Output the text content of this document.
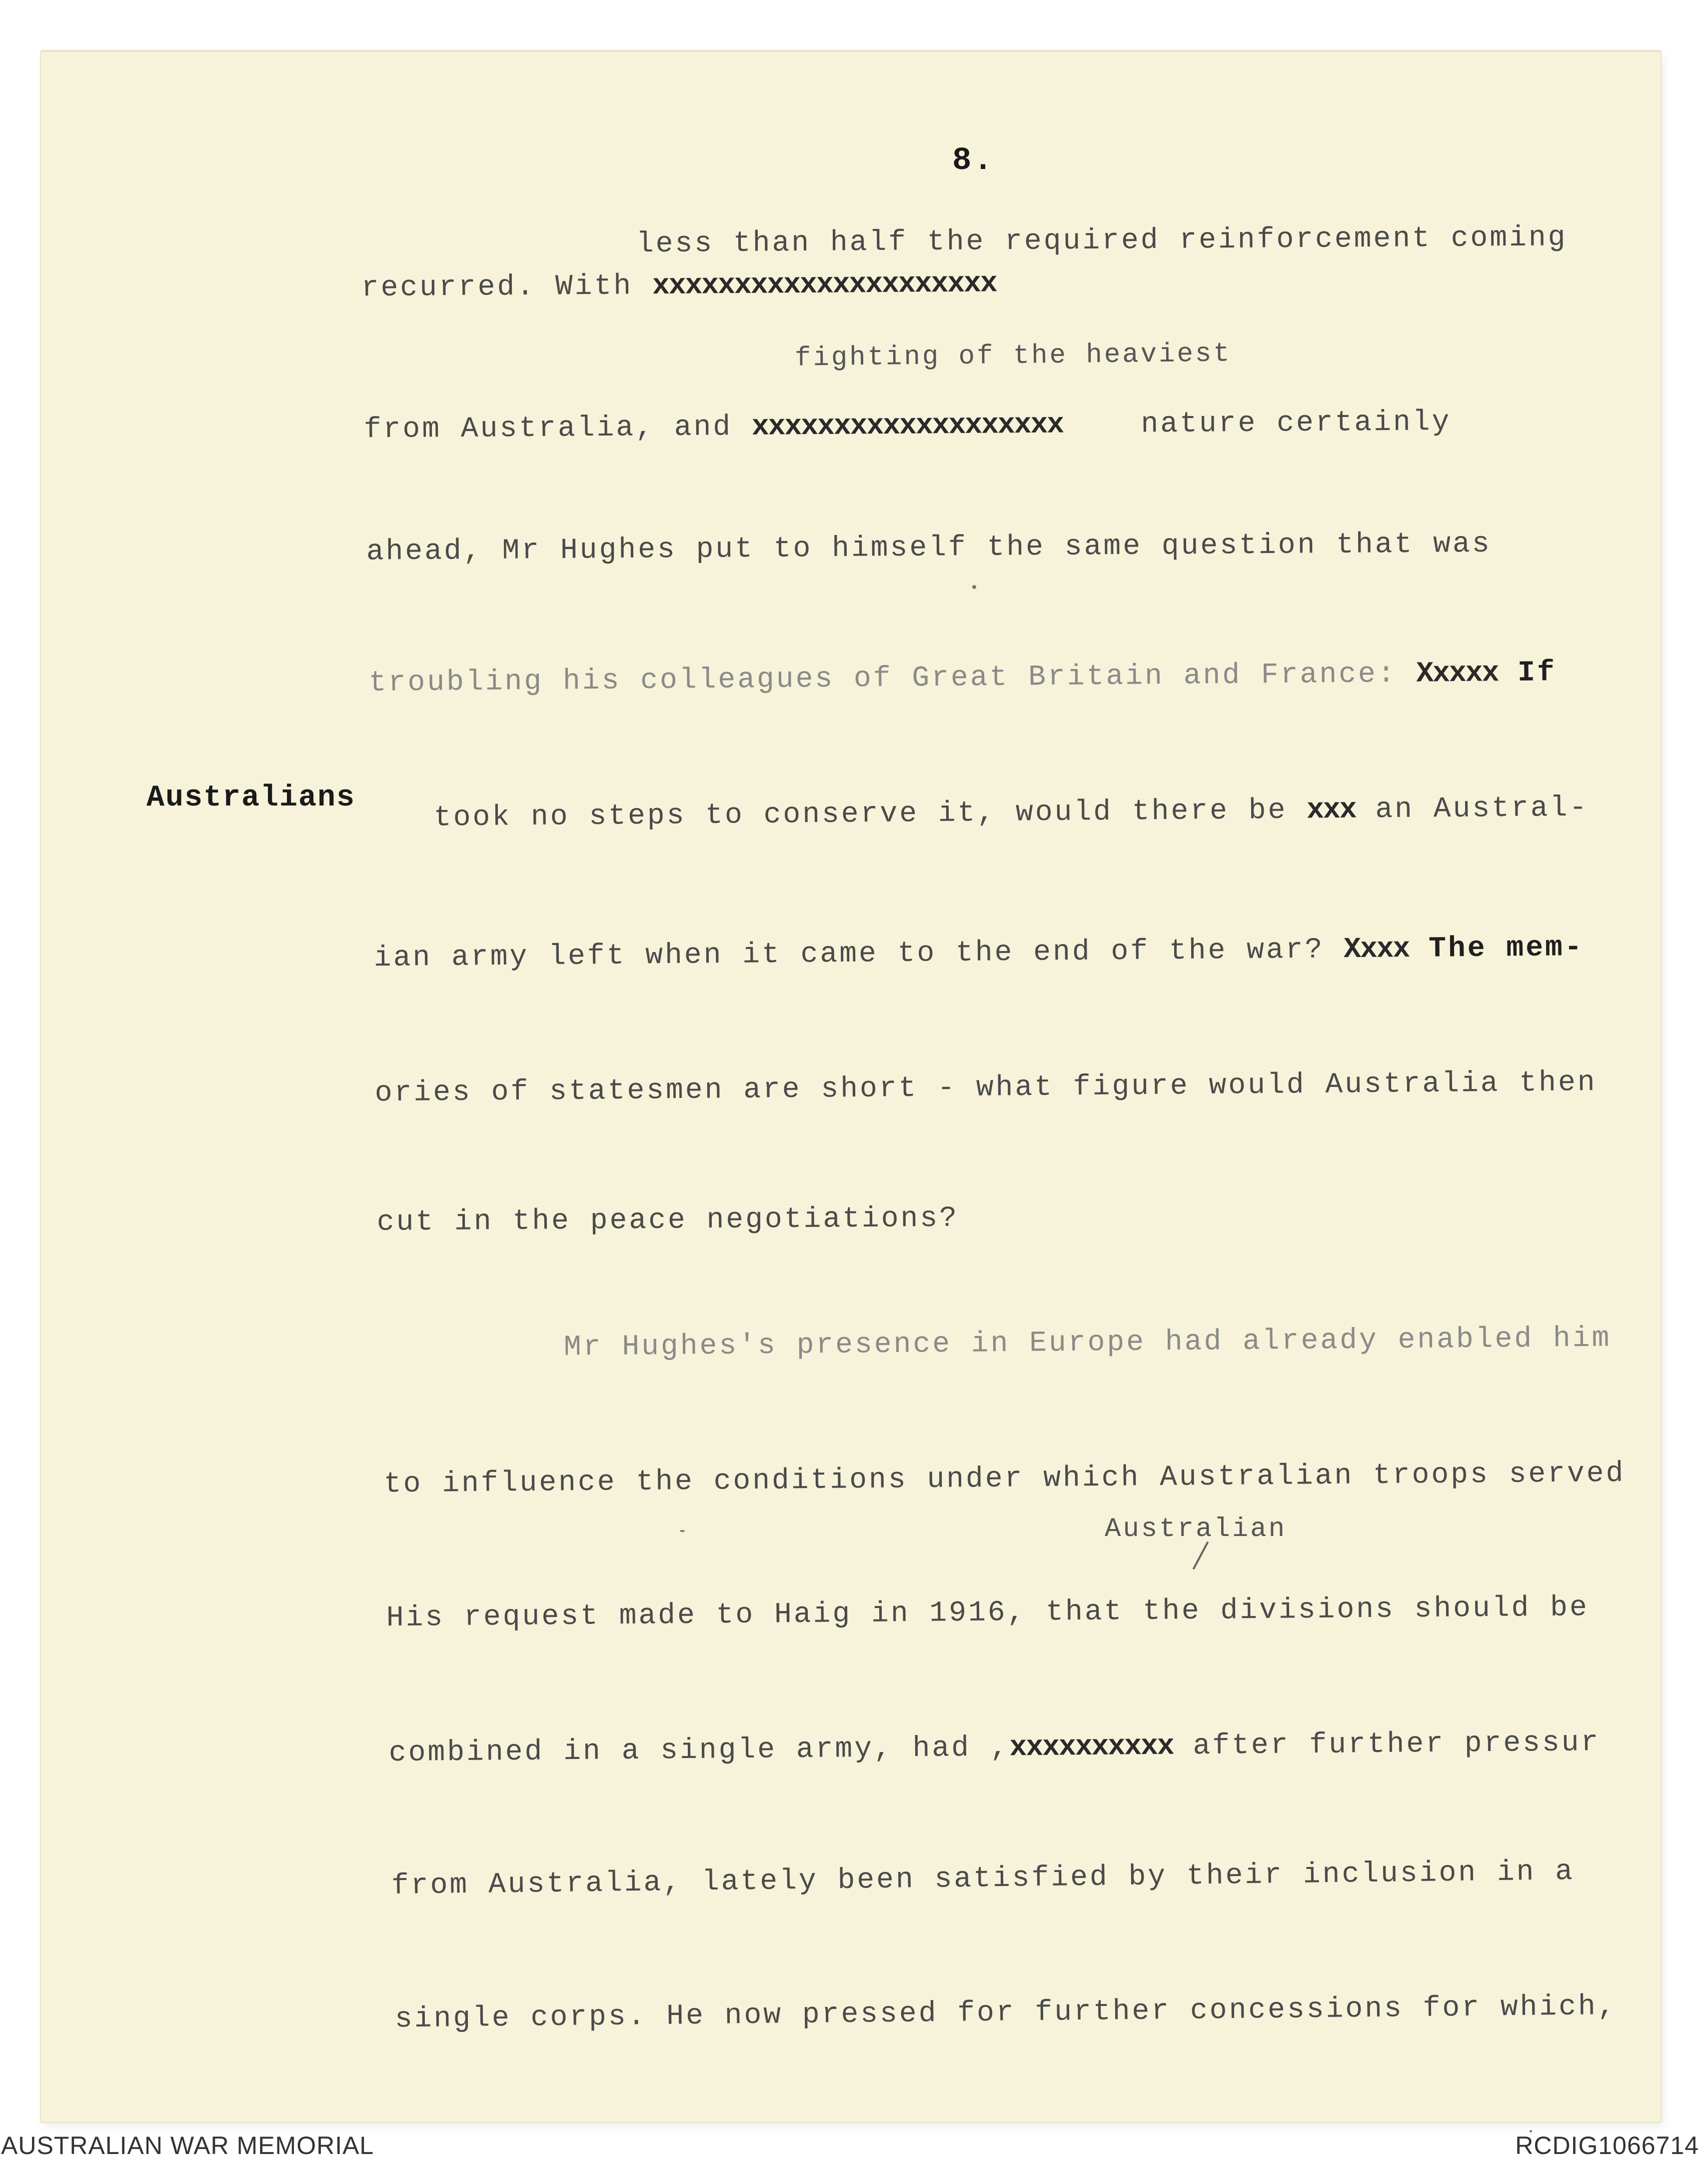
8.

less than half the required reinforcement coming

recurred. With xxxxxxxxxxxxxxxxxxxxx

fighting of the heaviest

from Australia, and xxxxxxxxxxxxxxxxxxx	nature certainly

ahead, Mr Hughes put to himself the same question that was

troubling his colleagues of Great Britain and France: Xxxxx If

Australians	took no steps to conserve it, would there be xxx an Austral-

ian army left when it came to the end of the war? Xxxx The mem-

ories of statesmen are short - what figure would Australia then

cut in the peace negotiations?

Mr Hughes's presence in Europe had already enabled him

to influence the conditions under which Australian troops served

Australian

His request made to Haig in 1916, that the divisions should be

combined in a single army, had ,xxxxxxxxxx after further pressur

from Australia, lately been satisfied by their inclusion in a

single corps. He now pressed for further concessions for which,

AUSTRALIAN WAR MEMORIAL	RCDIG1066714
